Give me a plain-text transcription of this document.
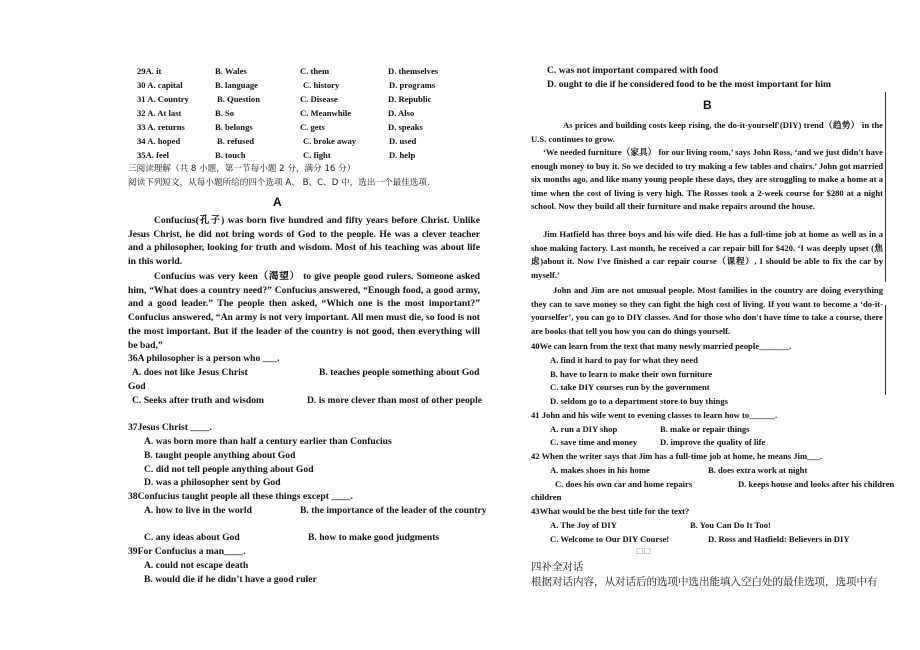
29A. it	B. Wales	C. them	D. themselves
30 A. capital	B. language	C. history	D. programs
31 A. Country	B. Question	C. Disease	D. Republic
32 A. At last	B. So	C. Meanwhile	D. Also
33 A. returns	B. belongs	C. gets	D. speaks
34 A. hoped	B. refused	C. broke away	D. used
35A. feel	B. touch	C. fight	D. help
三阅读理解（共 8 小题，第一节每小题 2 分，满分 16 分）
阅读下列短文，从每小题所给的四个选项 A、 B、C、D 中，选出一个最佳选项.
A
Confucius(孔子) was born five hundred and fifty years before Christ. Unlike Jesus Christ, he did not bring words of God to the people. He was a clever teacher and a philosopher, looking for truth and wisdom. Most of his teaching was about life in this world.
Confucius was very keen（渴望） to give people good rulers. Someone asked him, “What does a country need?” Confucius answered, “Enough food, a good army, and a good leader.” The people then asked, “Which one is the most important?” Confucius answered, “An army is not very important. All men must die, so food is not the most important. But if the leader of the country is not good, then everything will be bad,”
36A philosopher is a person who ___.
A. does not like Jesus Christ	B. teaches people something about God
God
C. Seeks after truth and wisdom	D. is more clever than most of other people
37Jesus Christ ____.
A. was born more than half a century earlier than Confucius
B. taught people anything about God
C. did not tell people anything about God
D. was a philosopher sent by God
38Confucius taught people all these things except ____.
A. how to live in the world	B. the importance of the leader of the country
C. any ideas about God	B. how to make good judgments
39For Confucius a man____.
A. could not escape death
B. would die if he didn’t have a good ruler
C. was not important compared with food
D. ought to die if he considered food to be the most important for him
B
As prices and building costs keep rising, the do-it-yourself'(DIY) trend（趋势） in the U.S. continues to grow.
‘We needed furniture（家具） for our living room,’ says John Ross, ‘and we just didn't have enough money to buy it. So we decided to try making a few tables and chairs.’ John got married six months ago, and like many young people these days, they are struggling to make a home at a time when the cost of living is very high. The Rosses took a 2-week course for $280 at a night school. Now they build all their furniture and make repairs around the house.
Jim Hatfield has three boys and his wife died. He has a full-time job at home as well as in a shoe making factory. Last month, he received a car repair bill for $420. ‘I was deeply upset (焦虑)about it. Now I've finished a car repair course（课程）, I should be able to fix the car by myself.’
John and Jim are not unusual people. Most families in the country are doing everything they can to save money so they can fight the high cost of living. If you want to become a ‘do-it-yourselfer’, you can go to DIY classes. And for those who don't have time to take a course, there are books that tell you how you can do things yourself.
40We can learn from the text that many newly married people_______.
A. find it hard to pay for what they need
B. have to learn to make their own furniture
C. take DIY courses run by the government
D. seldom go to a department store to buy things
41 John and his wife went to evening classes to learn how to______.
A. run a DIY shop	B. make or repair things
C. save time and money	D. improve the quality of life
42 When the writer says that Jim has a full-time job at home, he means Jim___.
A. makes shoes in his home	B. does extra work at night
C. does his own car and home repairs	D. keeps house and looks after his children
children
43What would be the best title for the text?
A. The Joy of DIY	B. You Can Do It Too!
C. Welcome to Our DIY Course!	D. Ross and Hatfield: Believers in DIY
□□
四补全对话
根据对话内容，从对话后的选项中选出能填入空白处的最佳选项，选项中有
